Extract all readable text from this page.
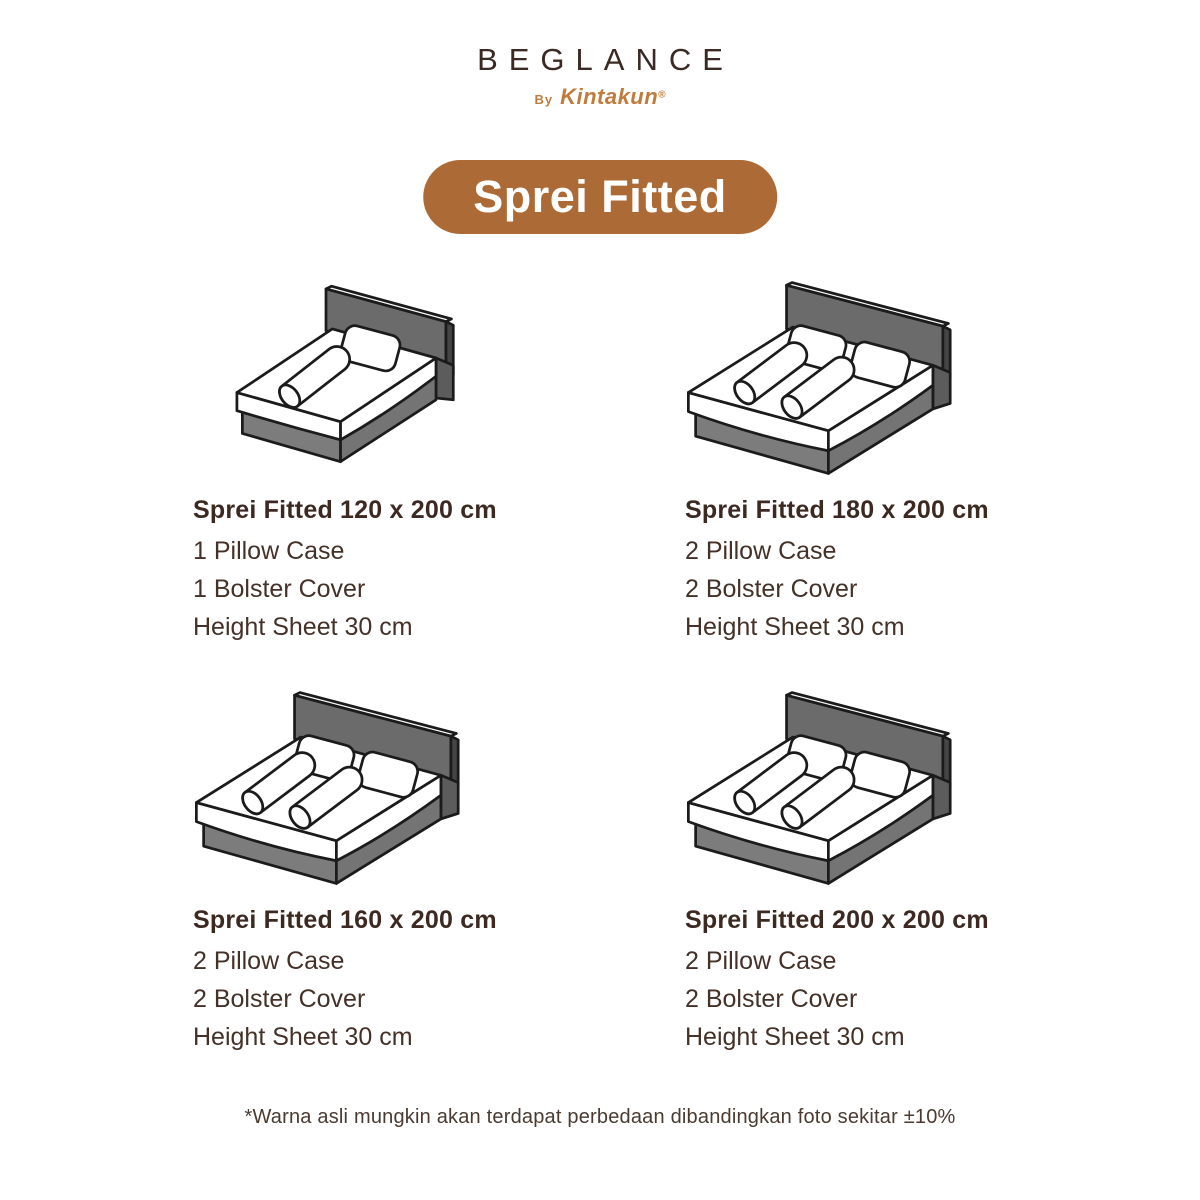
BEGLANCE
By Kintakun®
Sprei Fitted
Sprei Fitted 120 x 200 cm
1 Pillow Case
1 Bolster Cover
Height Sheet 30 cm
Sprei Fitted 180 x 200 cm
2 Pillow Case
2 Bolster Cover
Height Sheet 30 cm
Sprei Fitted 160 x 200 cm
2 Pillow Case
2 Bolster Cover
Height Sheet 30 cm
Sprei Fitted 200 x 200 cm
2 Pillow Case
2 Bolster Cover
Height Sheet 30 cm
*Warna asli mungkin akan terdapat perbedaan dibandingkan foto sekitar ±10%
